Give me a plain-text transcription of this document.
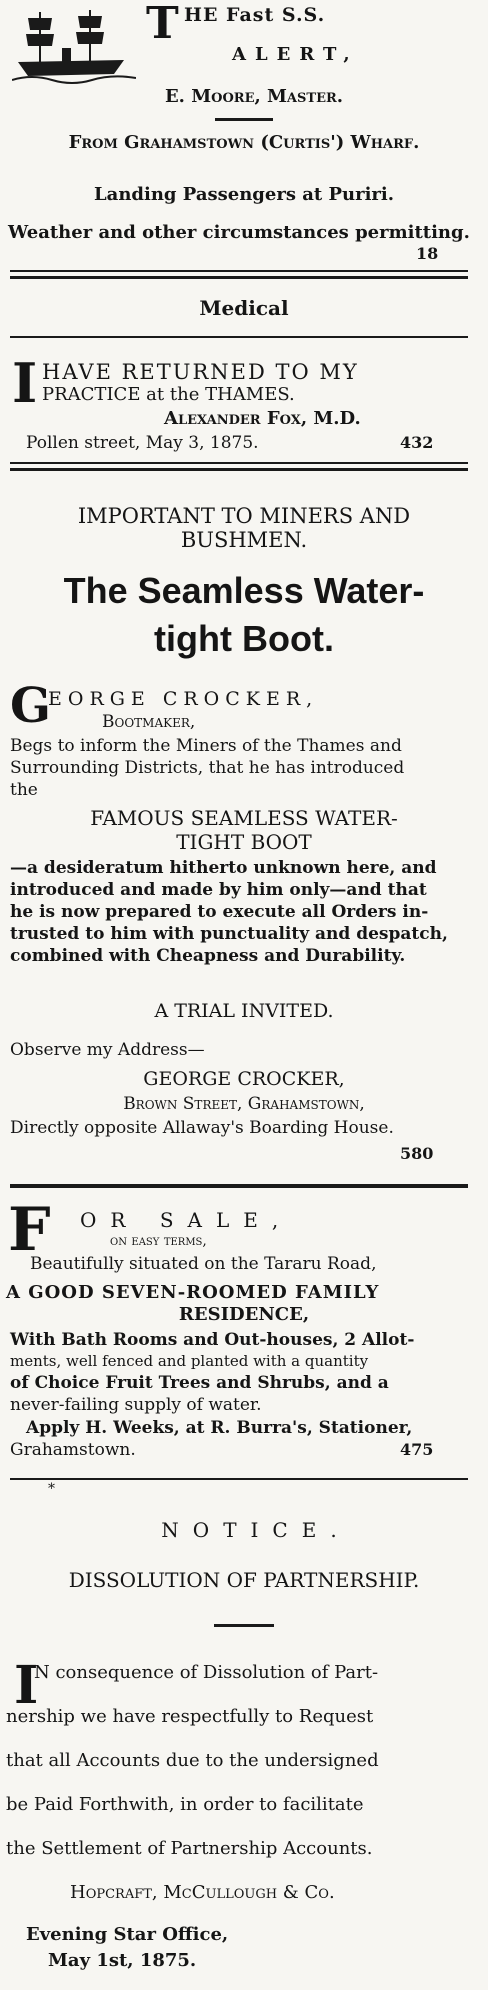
T HE Fast S.S.
ALERT,
E. Moore, Master.
From Grahamstown (Curtis') Wharf.
Landing Passengers at Puriri.
Weather and other circumstances permitting.
18
Medical
I HAVE RETURNED TO MY
PRACTICE at the THAMES.
Alexander Fox, M.D.
Pollen street, May 3, 1875.	432
IMPORTANT TO MINERS AND
BUSHMEN.
The Seamless Water-
tight Boot.
G
EORGE CROCKER,
Bootmaker,
Begs to inform the Miners of the Thames and
Surrounding Districts, that he has introduced
the
FAMOUS SEAMLESS WATER-
TIGHT BOOT
—a desideratum hitherto unknown here, and
introduced and made by him only—and that
he is now prepared to execute all Orders in-
trusted to him with punctuality and despatch,
combined with Cheapness and Durability.
A TRIAL INVITED.
Observe my Address—
GEORGE CROCKER,
Brown Street, Grahamstown,
Directly opposite Allaway's Boarding House.
580
F OR SALE,
on easy terms,
Beautifully situated on the Tararu Road,
A GOOD SEVEN-ROOMED FAMILY
RESIDENCE,
With Bath Rooms and Out-houses, 2 Allot-
ments, well fenced and planted with a quantity
of Choice Fruit Trees and Shrubs, and a
never-failing supply of water.
Apply H. Weeks, at R. Burra's, Stationer,
Grahamstown.	475
*
NOTICE.
DISSOLUTION OF PARTNERSHIP.
I
N consequence of Dissolution of Part-
nership we have respectfully to Request
that all Accounts due to the undersigned
be Paid Forthwith, in order to facilitate
the Settlement of Partnership Accounts.
Hopcraft, McCullough & Co.
Evening Star Office,
May 1st, 1875.
